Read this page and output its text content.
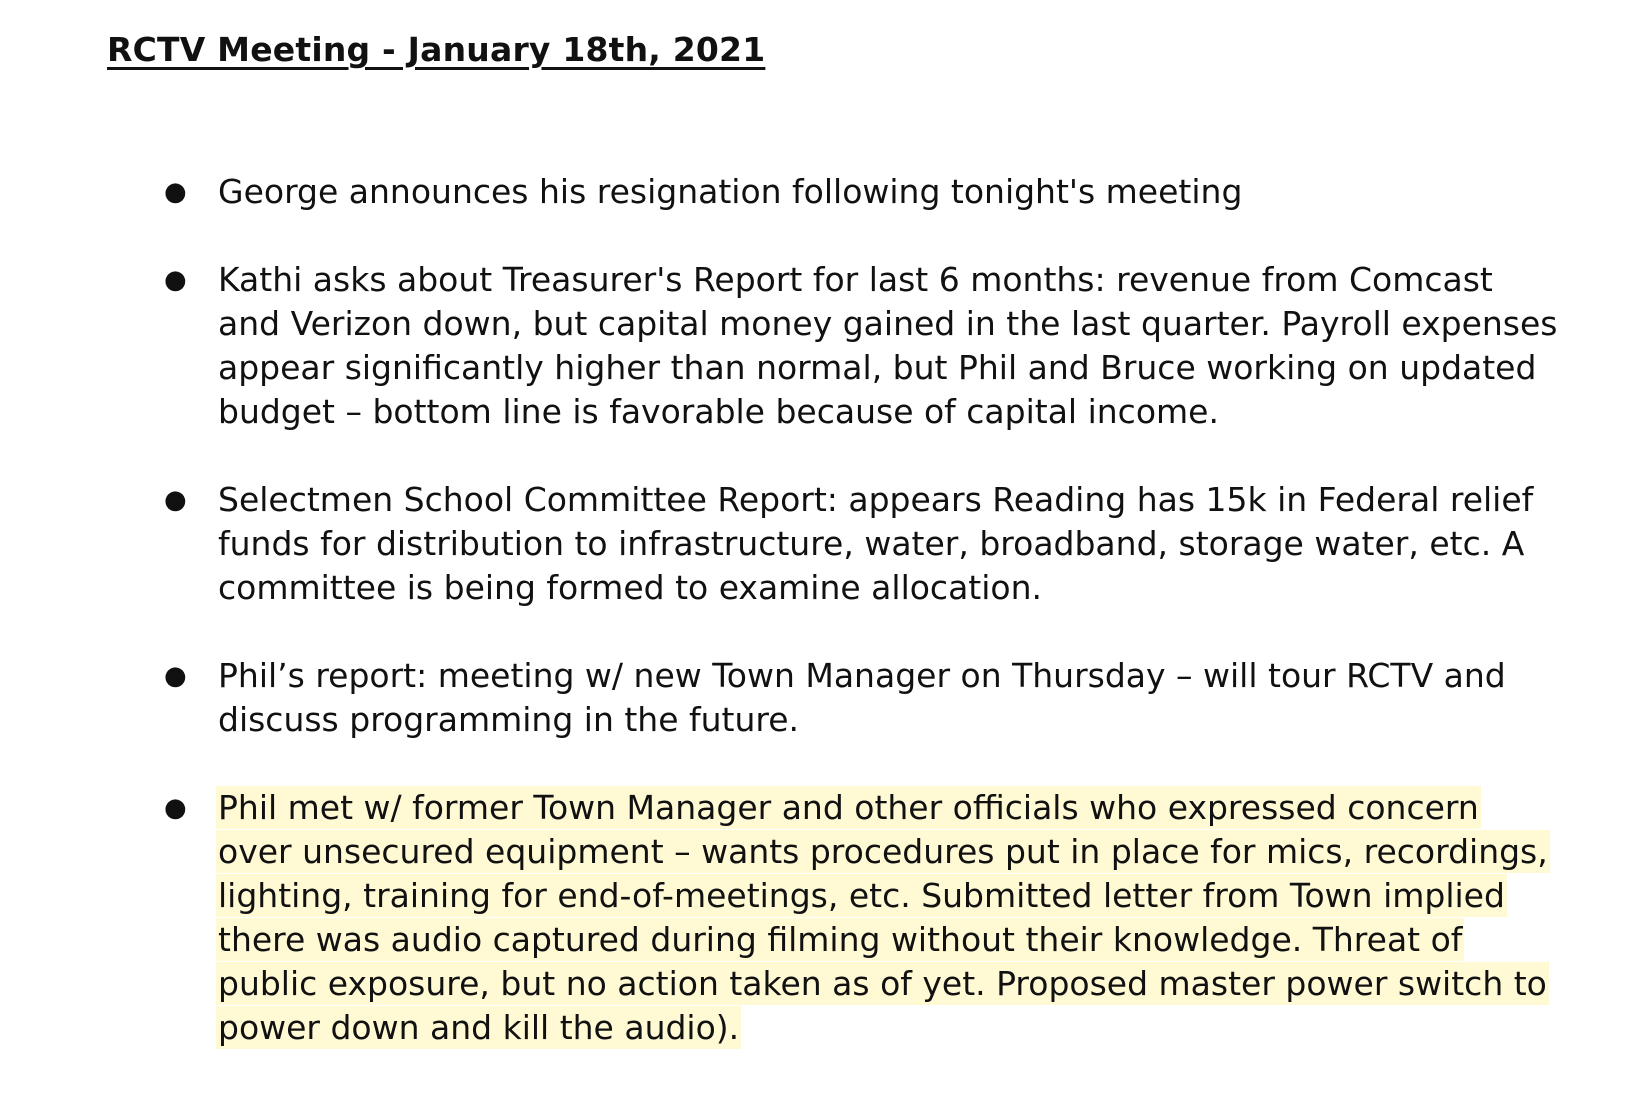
RCTV Meeting - January 18th, 2021
● George announces his resignation following tonight's meeting
● Kathi asks about Treasurer's Report for last 6 months: revenue from Comcast and Verizon down, but capital money gained in the last quarter. Payroll expenses appear significantly higher than normal, but Phil and Bruce working on updated budget – bottom line is favorable because of capital income.
● Selectmen School Committee Report: appears Reading has 15k in Federal relief funds for distribution to infrastructure, water, broadband, storage water, etc. A committee is being formed to examine allocation.
● Phil’s report: meeting w/ new Town Manager on Thursday – will tour RCTV and discuss programming in the future.
● Phil met w/ former Town Manager and other officials who expressed concern over unsecured equipment – wants procedures put in place for mics, recordings, lighting, training for end-of-meetings, etc. Submitted letter from Town implied there was audio captured during filming without their knowledge. Threat of public exposure, but no action taken as of yet. Proposed master power switch to power down and kill the audio).
